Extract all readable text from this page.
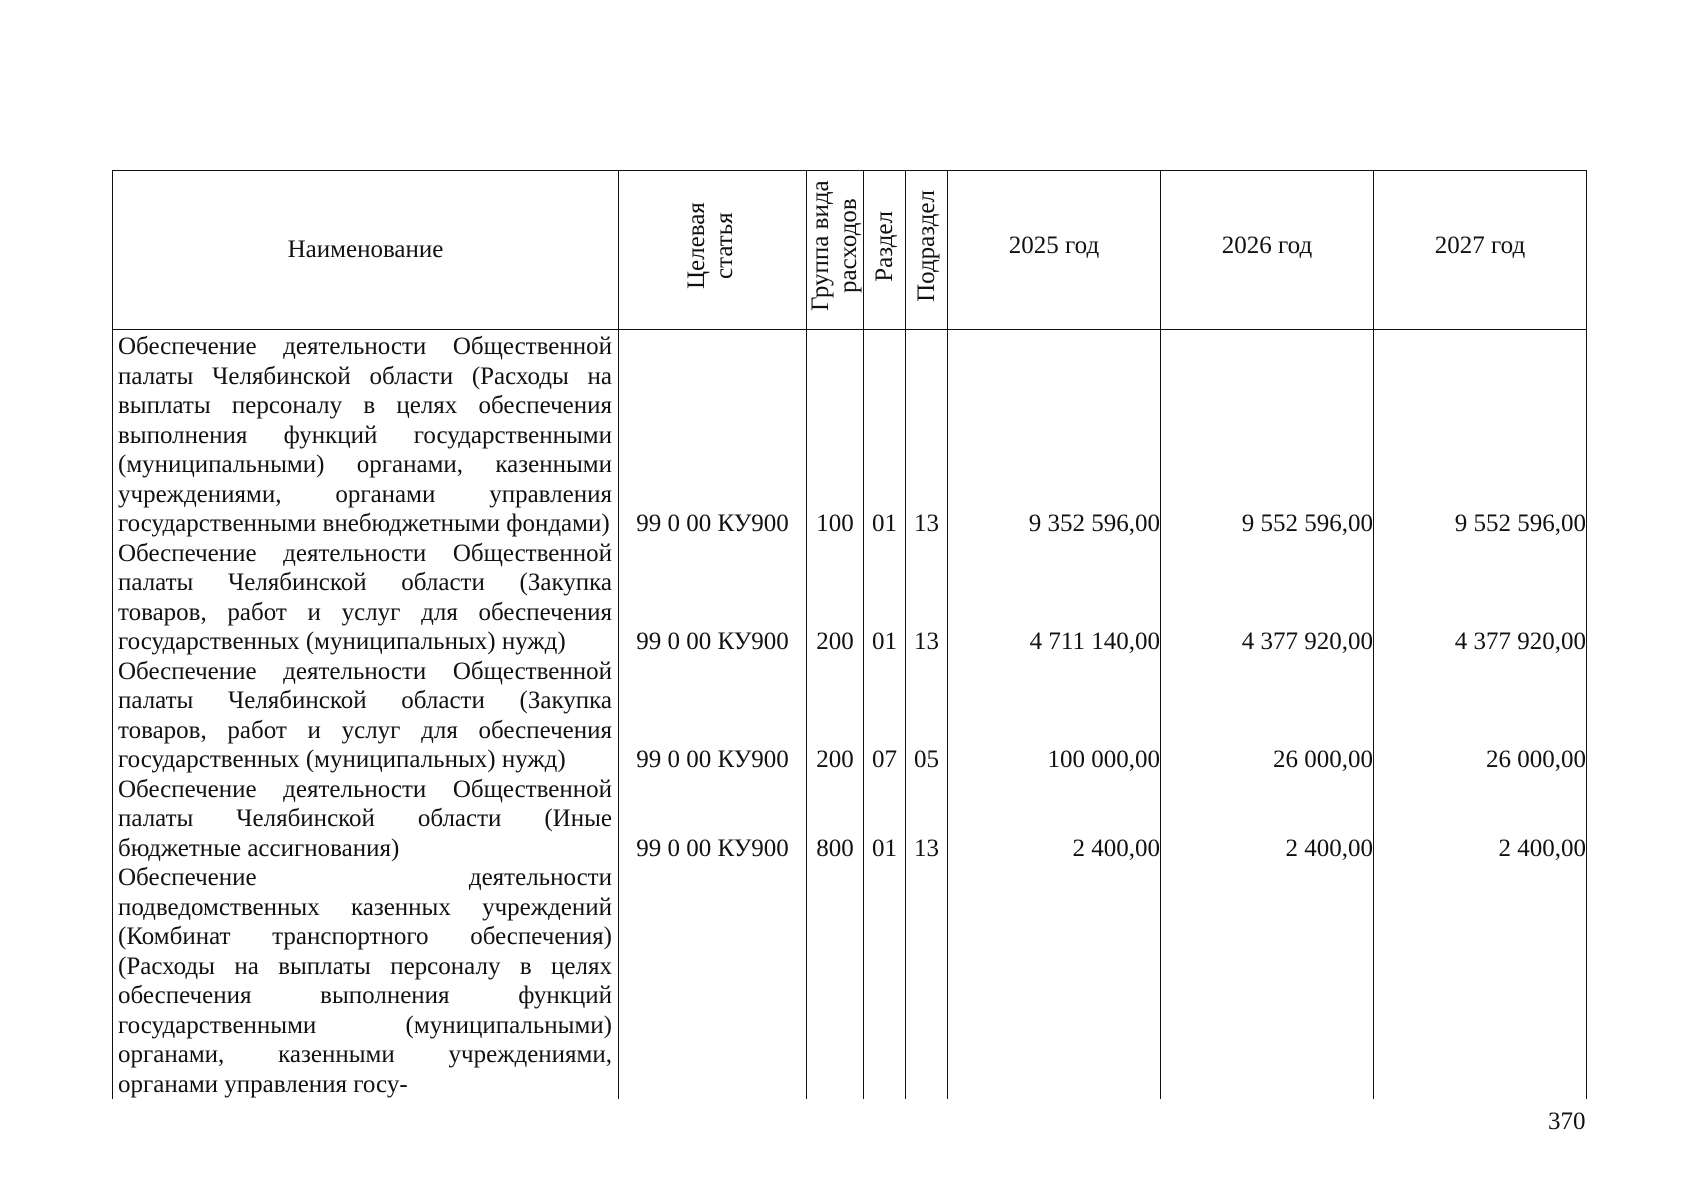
Наименование	Целевая статья	Группа вида расходов	Раздел	Подраздел	2025 год	2026 год	2027 год
Обеспечение деятельности Общественной палаты Челябинской области (Расходы на выплаты персоналу в целях обеспечения выполнения функций государственными (муниципальными) органами, казенными учреждениями, органами управления государственными внебюджетными фондами)	99 0 00 КУ900	100	01	13	9 352 596,00	9 552 596,00	9 552 596,00
Обеспечение деятельности Общественной палаты Челябинской области (Закупка товаров, работ и услуг для обеспечения государственных (муниципальных) нужд)	99 0 00 КУ900	200	01	13	4 711 140,00	4 377 920,00	4 377 920,00
Обеспечение деятельности Общественной палаты Челябинской области (Закупка товаров, работ и услуг для обеспечения государственных (муниципальных) нужд)	99 0 00 КУ900	200	07	05	100 000,00	26 000,00	26 000,00
Обеспечение деятельности Общественной палаты Челябинской области (Иные бюджетные ассигнования)	99 0 00 КУ900	800	01	13	2 400,00	2 400,00	2 400,00
Обеспечение деятельности подведомственных казенных учреждений (Комбинат транспортного обеспечения) (Расходы на выплаты персоналу в целях обеспечения выполнения функций государственными (муниципальными) органами, казенными учреждениями, органами управления госу-							
370
